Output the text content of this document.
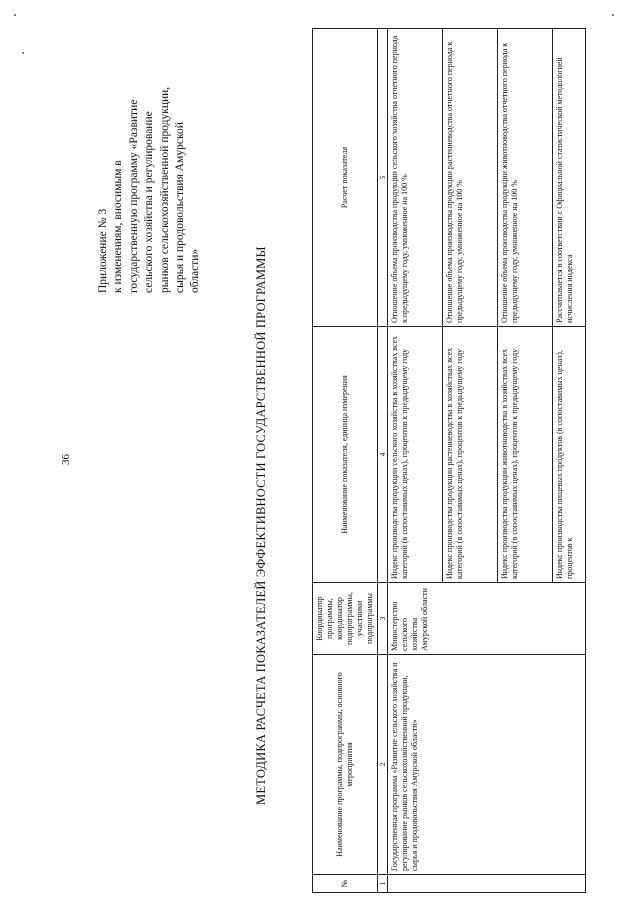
36
Приложение № 3 к изменениям, вносимым в государственную программу «Развитие сельского хозяйства и регулирование рынков сельскохозяйственной продукции, сырья и продовольствия Амурской области»	МЕТОДИКА РАСЧЕТА ПОКАЗАТЕЛЕЙ ЭФФЕКТИВНОСТИ ГОСУДАРСТВЕННОЙ ПРОГРАММЫ
№	Наименование программы, подпрограммы, основного мероприятия	Координатор программы, координатор подпрограммы, участники подпрограммы	Наименование показателя, единица измерения	Расчет показателя
1	2	3	4	5
	Государственная программа «Развитие сельского хозяйства и регулирование рынков сельскохозяйственной продукции, сырья и продовольствия Амурской области»	Министерство сельского хозяйства Амурской области	Индекс производства продукции сельского хозяйства в хозяйствах всех категорий (в сопоставимых ценах), процентов к предыдущему году	Отношение объема производства продукции сельского хозяйства отчетного периода к предыдущему году, умноженное на 100 %
			Индекс производства продукции растениеводства в хозяйствах всех категорий (в сопоставимых ценах), процентов к предыдущему году	Отношение объема производства продукции растениеводства отчетного периода к предыдущему году, умноженное на 100 %
			Индекс производства продукции животноводства в хозяйствах всех категорий (в сопоставимых ценах), процентов к предыдущему году	Отношение объема производства продукции животноводства отчетного периода к предыдущему году, умноженное на 100 %
			Индекс производства пищевых продуктов (в сопоставимых ценах), процентов к	Рассчитывается в соответствии с Официальной статистической методологией исчисления индекса
